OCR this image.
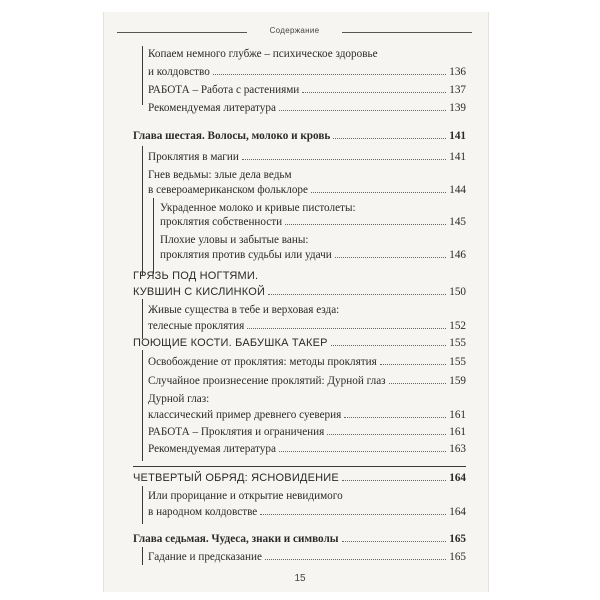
Содержание
Копаем немного глубже – психическое здоровье
и колдовство	136
РАБОТА – Работа с растениями	137
Рекомендуемая литература	139
Глава шестая. Волосы, молоко и кровь	141
Проклятия в магии	141
Гнев ведьмы: злые дела ведьм
в североамериканском фольклоре	144
Украденное молоко и кривые пистолеты:
проклятия собственности	145
Плохие уловы и забытые ваны:
проклятия против судьбы или удачи	146
ГРЯЗЬ ПОД НОГТЯМИ.
КУВШИН С КИСЛИНКОЙ	150
Живые существа в тебе и верховая езда:
телесные проклятия	152
ПОЮЩИЕ КОСТИ. БАБУШКА ТАКЕР	155
Освобождение от проклятия: методы проклятия	155
Случайное произнесение проклятий: Дурной глаз	159
Дурной глаз:
классический пример древнего суеверия	161
РАБОТА – Проклятия и ограничения	161
Рекомендуемая литература	163
ЧЕТВЕРТЫЙ ОБРЯД: ЯСНОВИДЕНИЕ	164
Или прорицание и открытие невидимого
в народном колдовстве	164
Глава седьмая. Чудеса, знаки и символы	165
Гадание и предсказание	165
15
